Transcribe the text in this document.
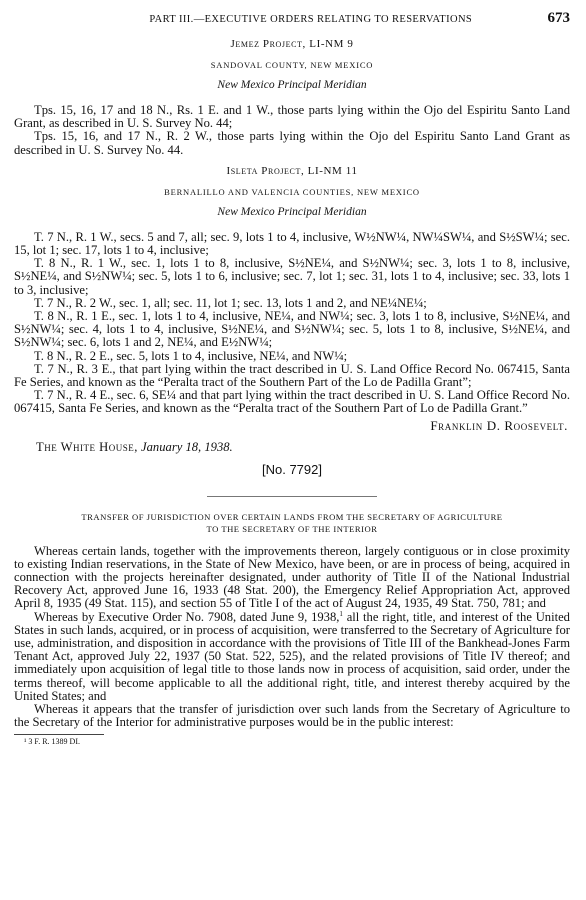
PART III.—EXECUTIVE ORDERS RELATING TO RESERVATIONS	673
Jemez Project, LI-NM 9
SANDOVAL COUNTY, NEW MEXICO
New Mexico Principal Meridian

Tps. 15, 16, 17 and 18 N., Rs. 1 E. and 1 W., those parts lying within the Ojo del Espiritu Santo Land Grant, as described in U. S. Survey No. 44;

Tps. 15, 16, and 17 N., R. 2 W., those parts lying within the Ojo del Espiritu Santo Land Grant as described in U. S. Survey No. 44.

Isleta Project, LI-NM 11
BERNALILLO AND VALENCIA COUNTIES, NEW MEXICO
New Mexico Principal Meridian

T. 7 N., R. 1 W., secs. 5 and 7, all; sec. 9, lots 1 to 4, inclusive, W½NW¼, NW¼SW¼, and S½SW¼; sec. 15, lot 1; sec. 17, lots 1 to 4, inclusive;

T. 8 N., R. 1 W., sec. 1, lots 1 to 8, inclusive, S½NE¼, and S½NW¼; sec. 3, lots 1 to 8, inclusive, S½NE¼, and S½NW¼; sec. 5, lots 1 to 6, inclusive; sec. 7, lot 1; sec. 31, lots 1 to 4, inclusive; sec. 33, lots 1 to 3, inclusive;

T. 7 N., R. 2 W., sec. 1, all; sec. 11, lot 1; sec. 13, lots 1 and 2, and NE¼NE¼;

T. 8 N., R. 1 E., sec. 1, lots 1 to 4, inclusive, NE¼, and NW¼; sec. 3, lots 1 to 8, inclusive, S½NE¼, and S½NW¼; sec. 4, lots 1 to 4, inclusive, S½NE¼, and S½NW¼; sec. 5, lots 1 to 8, inclusive, S½NE¼, and S½NW¼; sec. 6, lots 1 and 2, NE¼, and E½NW¼;

T. 8 N., R. 2 E., sec. 5, lots 1 to 4, inclusive, NE¼, and NW¼;

T. 7 N., R. 3 E., that part lying within the tract described in U. S. Land Office Record No. 067415, Santa Fe Series, and known as the “Peralta tract of the Southern Part of the Lo de Padilla Grant”;

T. 7 N., R. 4 E., sec. 6, SE¼ and that part lying within the tract described in U. S. Land Office Record No. 067415, Santa Fe Series, and known as the “Peralta tract of the Southern Part of Lo de Padilla Grant.”

Franklin D. Roosevelt.
The White House, January 18, 1938.
[No. 7792]
TRANSFER OF JURISDICTION OVER CERTAIN LANDS FROM THE SECRETARY OF AGRICULTURE
TO THE SECRETARY OF THE INTERIOR

Whereas certain lands, together with the improvements thereon, largely contiguous or in close proximity to existing Indian reservations, in the State of New Mexico, have been, or are in process of being, acquired in connection with the projects hereinafter designated, under authority of Title II of the National Industrial Recovery Act, approved June 16, 1933 (48 Stat. 200), the Emergency Relief Appropriation Act, approved April 8, 1935 (49 Stat. 115), and section 55 of Title I of the act of August 24, 1935, 49 Stat. 750, 781; and

Whereas by Executive Order No. 7908, dated June 9, 1938,$^1$ all the right, title, and interest of the United States in such lands, acquired, or in process of acquisition, were transferred to the Secretary of Agriculture for use, administration, and disposition in accordance with the provisions of Title III of the Bankhead-Jones Farm Tenant Act, approved July 22, 1937 (50 Stat. 522, 525), and the related provisions of Title IV thereof; and immediately upon acquisition of legal title to those lands now in process of acquisition, said order, under the terms thereof, will become applicable to all the additional right, title, and interest thereby acquired by the United States; and

Whereas it appears that the transfer of jurisdiction over such lands from the Secretary of Agriculture to the Secretary of the Interior for administrative purposes would be in the public interest:

¹ 3 F. R. 1389 DI.
